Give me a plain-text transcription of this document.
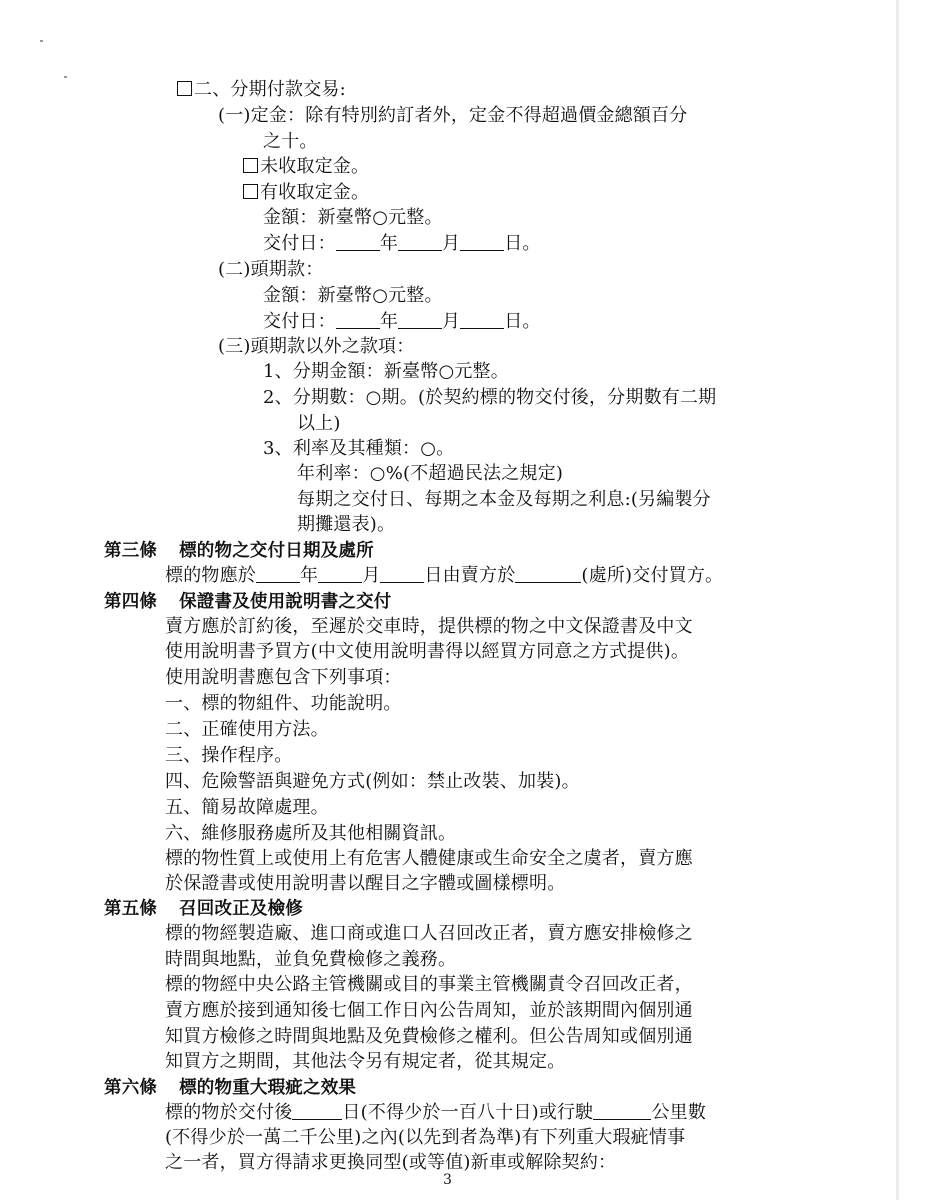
二、分期付款交易:
(一)定金：除有特別約訂者外，定金不得超過價金總額百分
之十。
未收取定金。
有收取定金。
金額：新臺幣○元整。
交付日： 年 月 日。
(二)頭期款：
金額：新臺幣○元整。
交付日： 年 月 日。
(三)頭期款以外之款項：
1、分期金額：新臺幣○元整。
2、分期數：○期。(於契約標的物交付後，分期數有二期
以上)
3、利率及其種類：○。
年利率：○%(不超過民法之規定)
每期之交付日、每期之本金及每期之利息:(另編製分
期攤還表)。
第三條 標的物之交付日期及處所
標的物應於 年 月 日由賣方於	(處所)交付買方。
第四條 保證書及使用說明書之交付
賣方應於訂約後，至遲於交車時，提供標的物之中文保證書及中文
使用說明書予買方(中文使用說明書得以經買方同意之方式提供)。
使用說明書應包含下列事項：
一、標的物組件、功能說明。
二、正確使用方法。
三、操作程序。
四、危險警語與避免方式(例如：禁止改裝、加裝)。
五、簡易故障處理。
六、維修服務處所及其他相關資訊。
標的物性質上或使用上有危害人體健康或生命安全之虞者，賣方應
於保證書或使用說明書以醒目之字體或圖樣標明。
第五條 召回改正及檢修
標的物經製造廠、進口商或進口人召回改正者，賣方應安排檢修之
時間與地點，並負免費檢修之義務。
標的物經中央公路主管機關或目的事業主管機關責令召回改正者，
賣方應於接到通知後七個工作日內公告周知，並於該期間內個別通
知買方檢修之時間與地點及免費檢修之權利。但公告周知或個別通
知買方之期間，其他法令另有規定者，從其規定。
第六條 標的物重大瑕疵之效果
標的物於交付後	日(不得少於一百八十日)或行駛	公里數
(不得少於一萬二千公里)之內(以先到者為準)有下列重大瑕疵情事
之一者，買方得請求更換同型(或等值)新車或解除契約：
3
